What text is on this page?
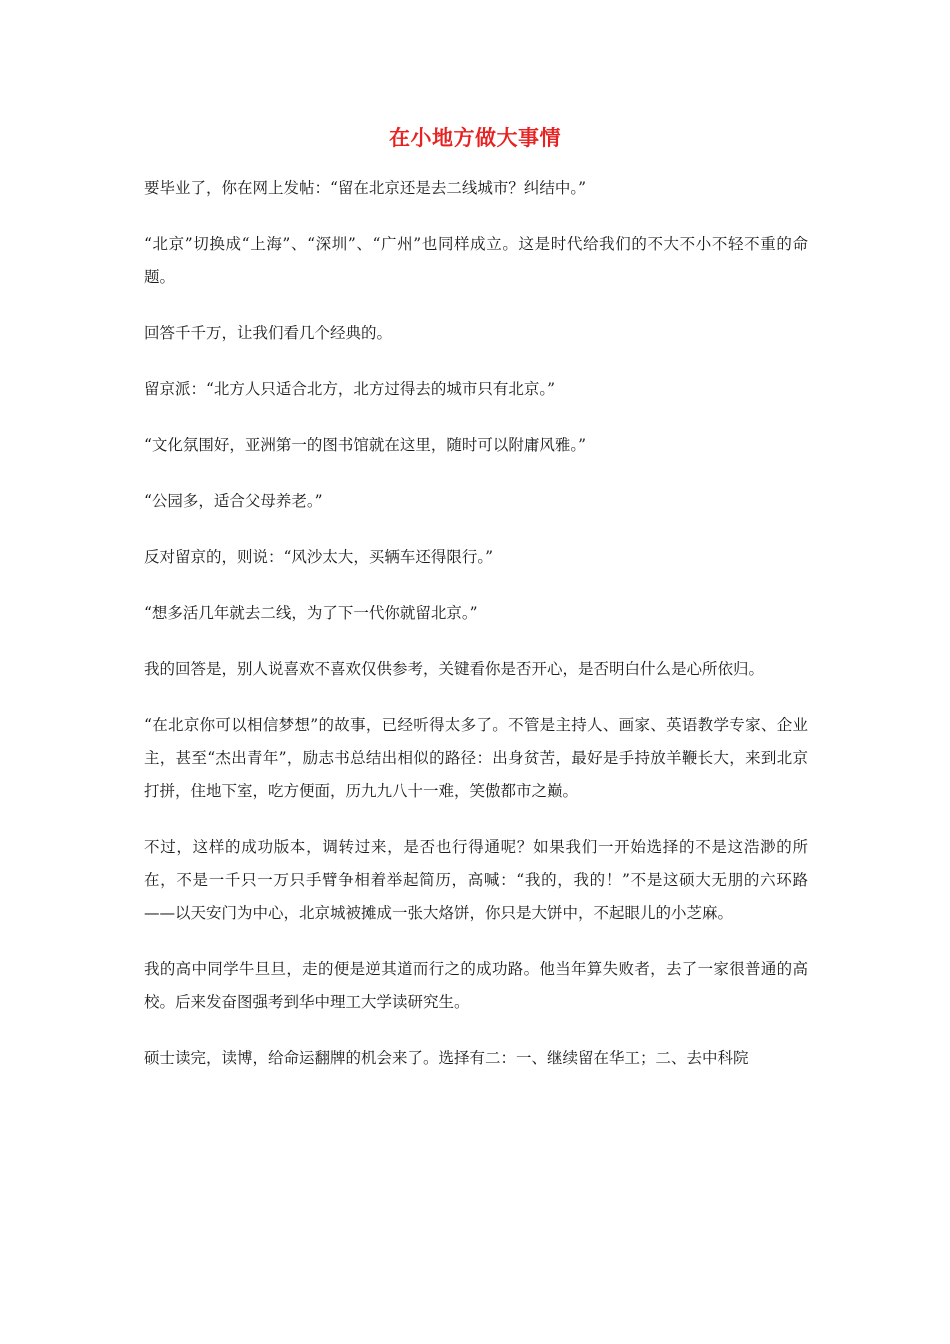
在小地方做大事情

要毕业了，你在网上发帖：“留在北京还是去二线城市？纠结中。”

“北京”切换成“上海”、“深圳”、“广州”也同样成立。这是时代给我们的不大不小不轻不重的命题。

回答千千万，让我们看几个经典的。

留京派：“北方人只适合北方，北方过得去的城市只有北京。”

“文化氛围好，亚洲第一的图书馆就在这里，随时可以附庸风雅。”

“公园多，适合父母养老。”

反对留京的，则说：“风沙太大，买辆车还得限行。”

“想多活几年就去二线，为了下一代你就留北京。”

我的回答是，别人说喜欢不喜欢仅供参考，关键看你是否开心，是否明白什么是心所依归。

“在北京你可以相信梦想”的故事，已经听得太多了。不管是主持人、画家、英语教学专家、企业主，甚至“杰出青年”，励志书总结出相似的路径：出身贫苦，最好是手持放羊鞭长大，来到北京打拼，住地下室，吃方便面，历九九八十一难，笑傲都市之巅。

不过，这样的成功版本，调转过来，是否也行得通呢？如果我们一开始选择的不是这浩渺的所在，不是一千只一万只手臂争相着举起简历，高喊：“我的，我的！”不是这硕大无朋的六环路——以天安门为中心，北京城被摊成一张大烙饼，你只是大饼中，不起眼儿的小芝麻。

我的高中同学牛旦旦，走的便是逆其道而行之的成功路。他当年算失败者，去了一家很普通的高校。后来发奋图强考到华中理工大学读研究生。

硕士读完，读博，给命运翻牌的机会来了。选择有二：一、继续留在华工；二、去中科院
